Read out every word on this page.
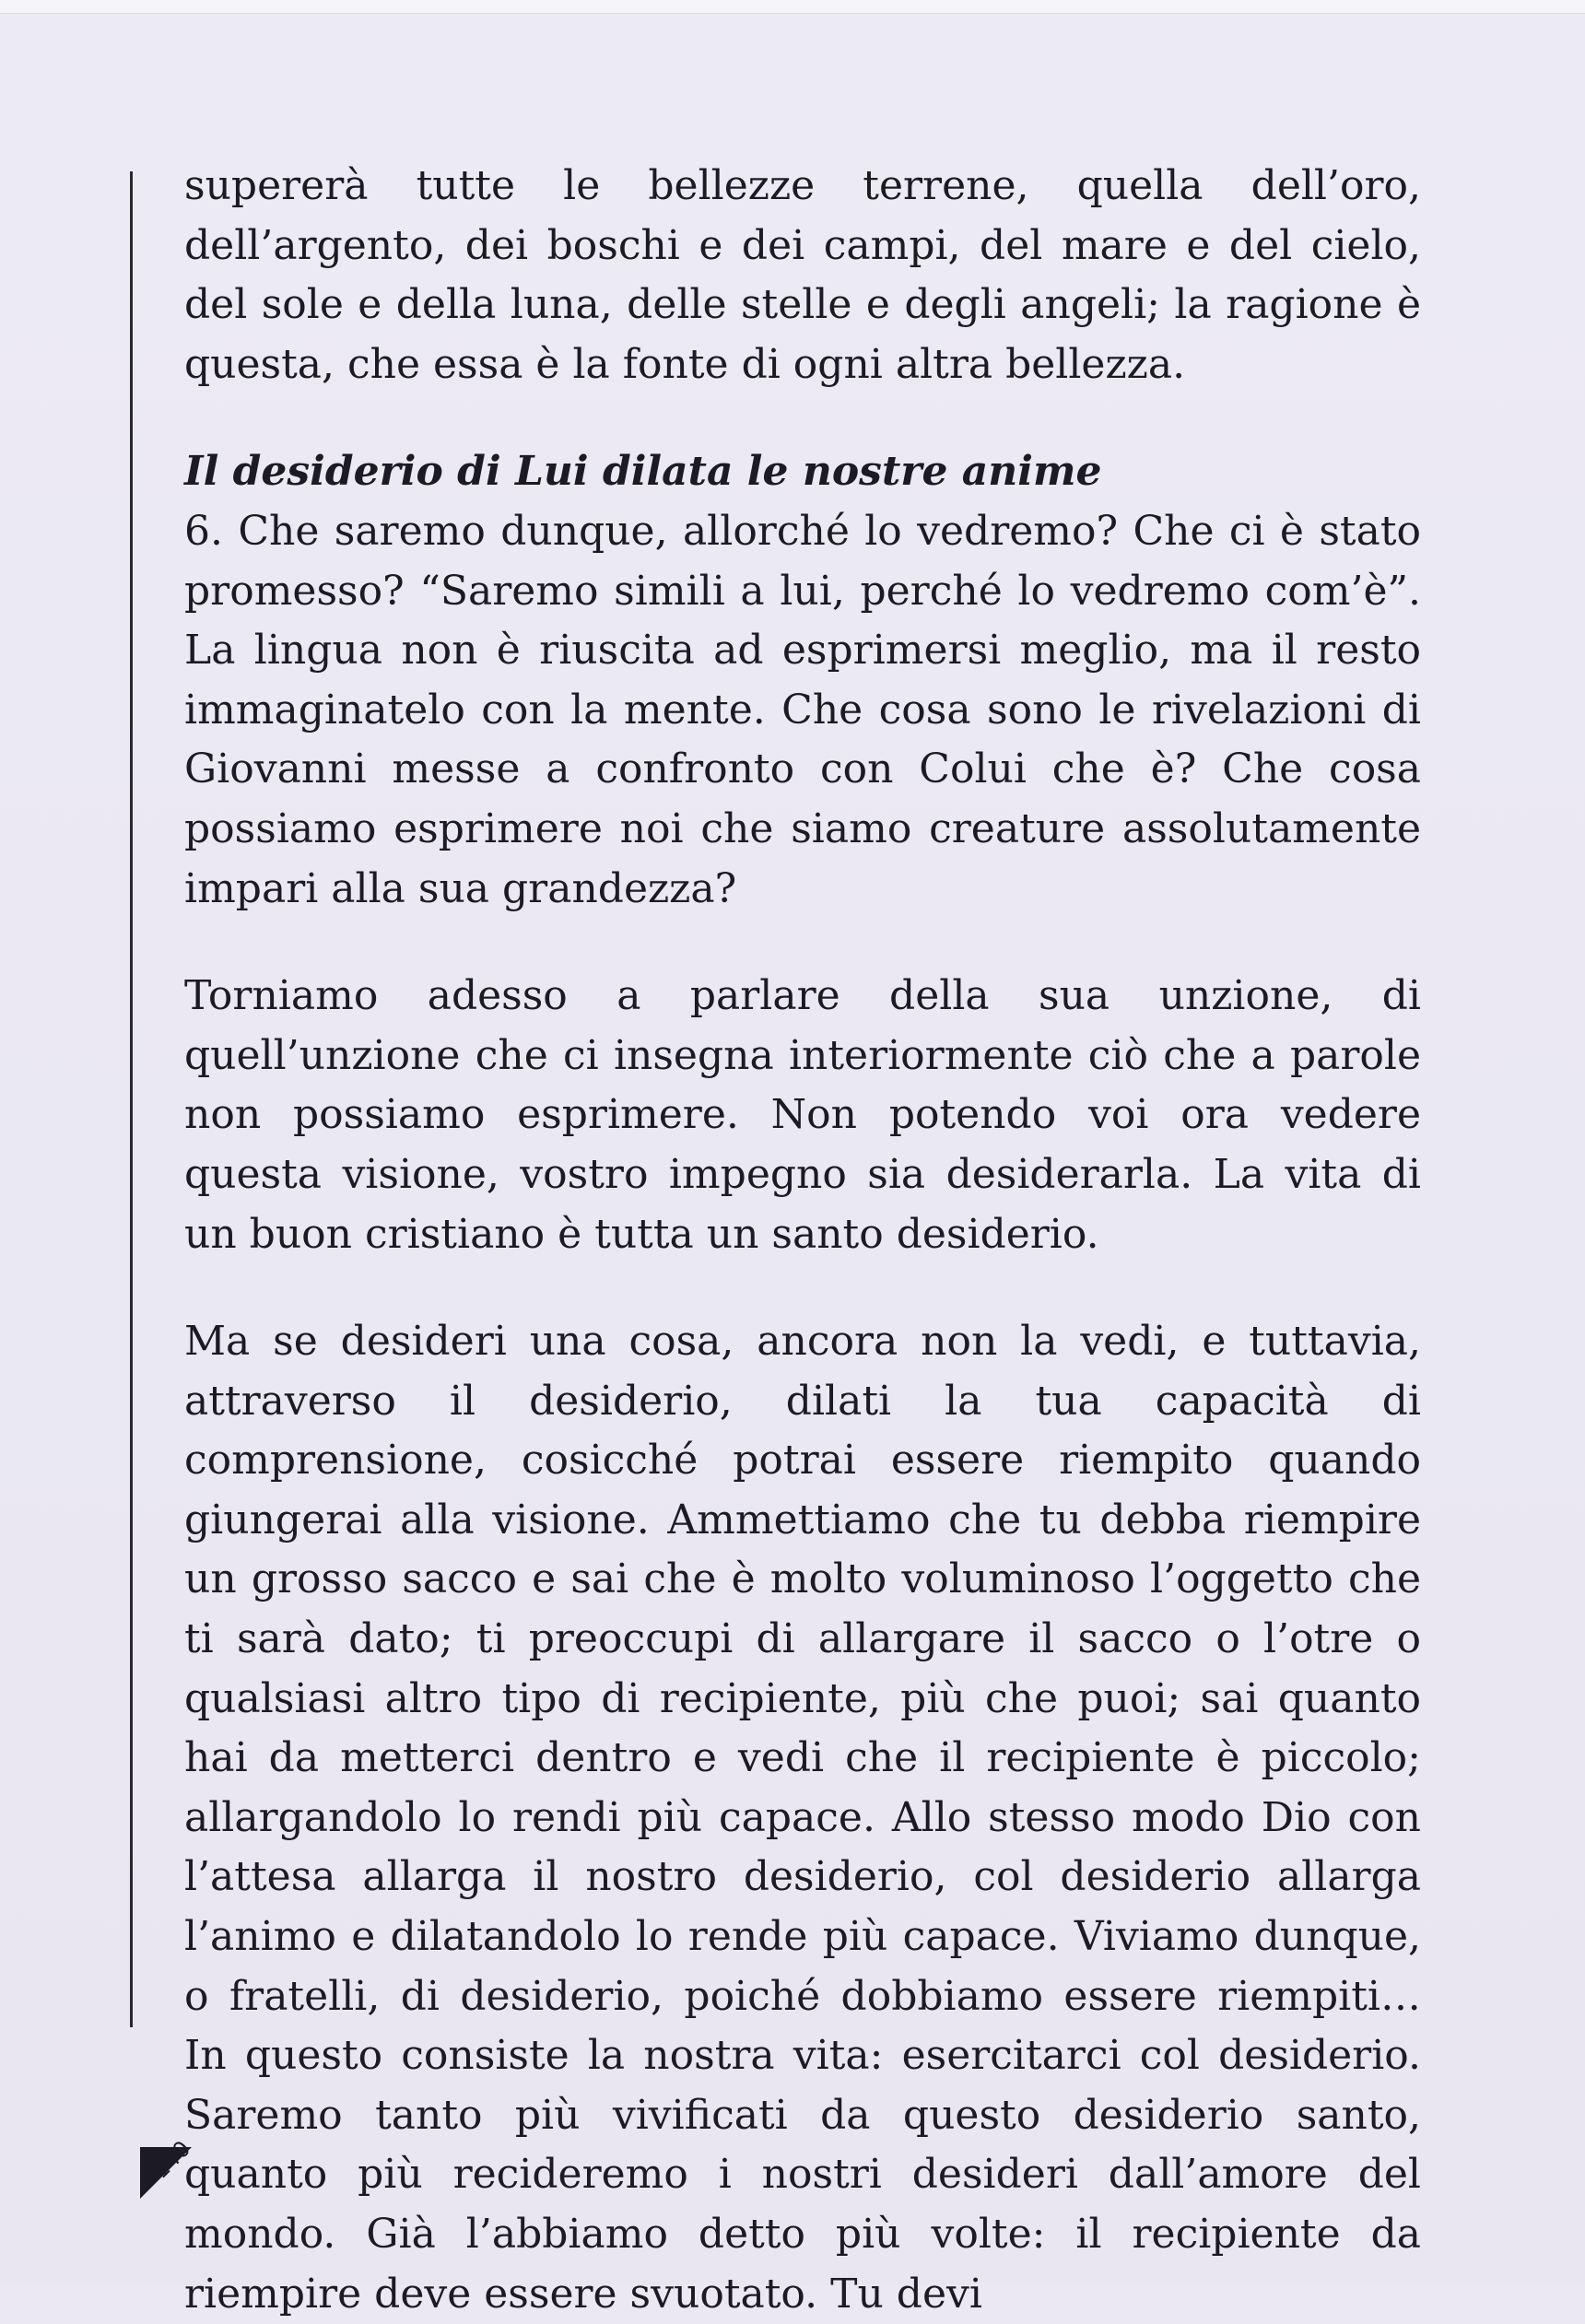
supererà tutte le bellezze terrene, quella dell’oro, dell’argento, dei boschi e dei campi, del mare e del cielo, del sole e della luna, delle stelle e degli angeli; la ragione è questa, che essa è la fonte di ogni altra bellezza.

Il desiderio di Lui dilata le nostre anime

6. Che saremo dunque, allorché lo vedremo? Che ci è stato promesso? “Saremo simili a lui, perché lo vedremo com’è”. La lingua non è riuscita ad esprimersi meglio, ma il resto immaginatelo con la mente. Che cosa sono le rivelazioni di Giovanni messe a confronto con Colui che è? Che cosa possiamo esprimere noi che siamo creature assolutamente impari alla sua grandezza?

Torniamo adesso a parlare della sua unzione, di quell’unzione che ci insegna interiormente ciò che a parole non possiamo esprimere. Non potendo voi ora vedere questa visione, vostro impegno sia desiderarla. La vita di un buon cristiano è tutta un santo desiderio.

Ma se desideri una cosa, ancora non la vedi, e tuttavia, attraverso il desiderio, dilati la tua capacità di comprensione, cosicché potrai essere riempito quando giungerai alla visione. Ammettiamo che tu debba riempire un grosso sacco e sai che è molto voluminoso l’oggetto che ti sarà dato; ti preoccupi di allargare il sacco o l’otre o qualsiasi altro tipo di recipiente, più che puoi; sai quanto hai da metterci dentro e vedi che il recipiente è piccolo; allargandolo lo rendi più capace. Allo stesso modo Dio con l’attesa allarga il nostro desiderio, col desiderio allarga l’animo e dilatandolo lo rende più capace. Viviamo dunque, o fratelli, di desiderio, poiché dobbiamo essere riempiti… In questo consiste la nostra vita: esercitarci col desiderio. Saremo tanto più vivificati da questo desiderio santo, quanto più recideremo i nostri desideri dall’amore del mondo. Già l’abbiamo detto più volte: il recipiente da riempire deve essere svuotato. Tu devi

140
